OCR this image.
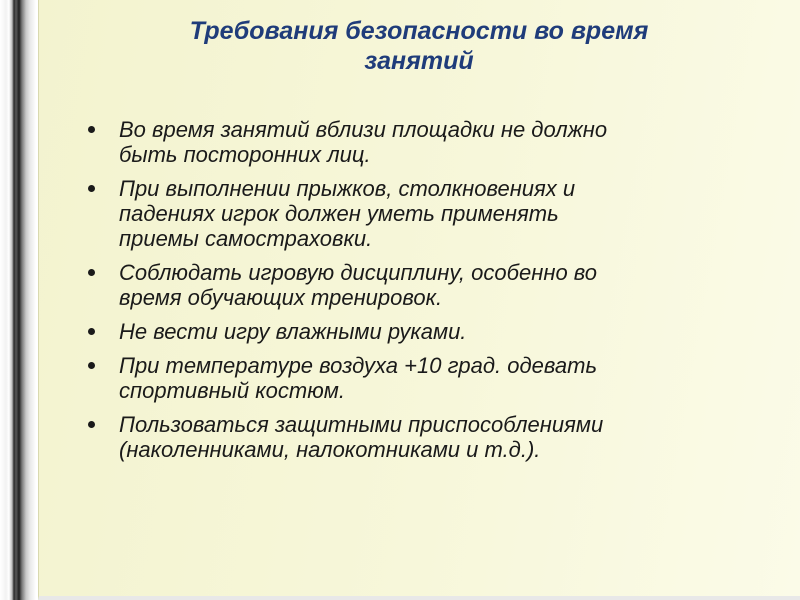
Требования безопасности во время
занятий
Во время занятий вблизи площадки не должно
быть посторонних лиц.
При выполнении прыжков, столкновениях и
падениях игрок должен уметь применять
приемы самостраховки.
Соблюдать игровую дисциплину, особенно во
время обучающих тренировок.
Не вести игру влажными руками.
При температуре воздуха +10 град. одевать
спортивный костюм.
Пользоваться защитными приспособлениями
(наколенниками, налокотниками и т.д.).
